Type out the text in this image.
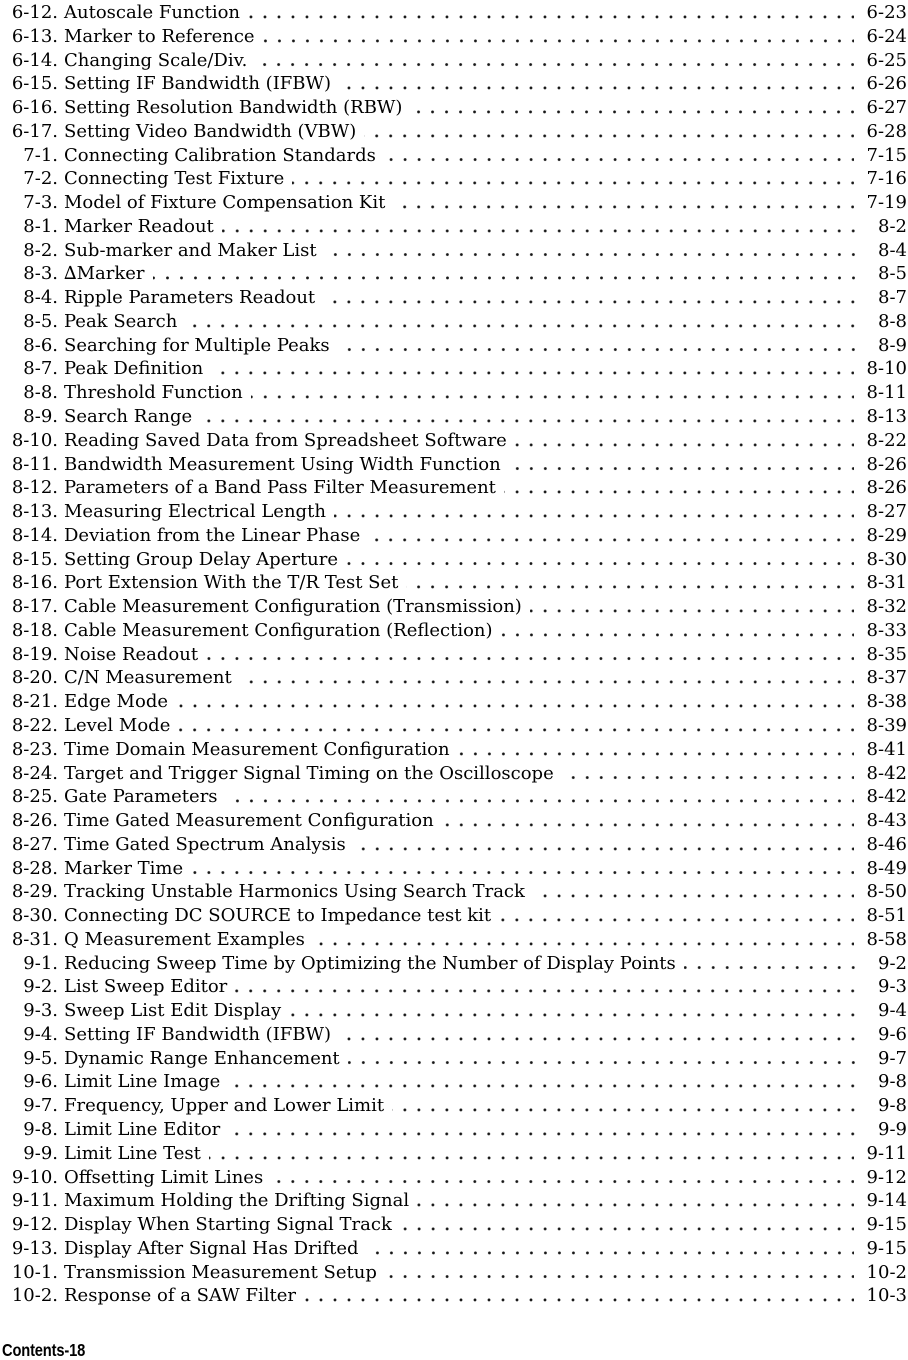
6-12. Autoscale Function	6-23
6-13. Marker to Reference	6-24
6-14. Changing Scale/Div.	6-25
6-15. Setting IF Bandwidth (IFBW)	6-26
6-16. Setting Resolution Bandwidth (RBW)	6-27
6-17. Setting Video Bandwidth (VBW)	6-28
7-1. Connecting Calibration Standards	7-15
7-2. Connecting Test Fixture	7-16
7-3. Model of Fixture Compensation Kit	7-19
8-1. Marker Readout	8-2
8-2. Sub-marker and Maker List	8-4
8-3. ∆Marker	8-5
8-4. Ripple Parameters Readout	8-7
8-5. Peak Search	8-8
8-6. Searching for Multiple Peaks	8-9
8-7. Peak Definition	8-10
8-8. Threshold Function	8-11
8-9. Search Range	8-13
8-10. Reading Saved Data from Spreadsheet Software	8-22
8-11. Bandwidth Measurement Using Width Function	8-26
8-12. Parameters of a Band Pass Filter Measurement	8-26
8-13. Measuring Electrical Length	8-27
8-14. Deviation from the Linear Phase	8-29
8-15. Setting Group Delay Aperture	8-30
8-16. Port Extension With the T/R Test Set	8-31
8-17. Cable Measurement Configuration (Transmission)	8-32
8-18. Cable Measurement Configuration (Reflection)	8-33
8-19. Noise Readout	8-35
8-20. C/N Measurement	8-37
8-21. Edge Mode	8-38
8-22. Level Mode	8-39
8-23. Time Domain Measurement Configuration	8-41
8-24. Target and Trigger Signal Timing on the Oscilloscope	8-42
8-25. Gate Parameters	8-42
8-26. Time Gated Measurement Configuration	8-43
8-27. Time Gated Spectrum Analysis	8-46
8-28. Marker Time	8-49
8-29. Tracking Unstable Harmonics Using Search Track	8-50
8-30. Connecting DC SOURCE to Impedance test kit	8-51
8-31. Q Measurement Examples	8-58
9-1. Reducing Sweep Time by Optimizing the Number of Display Points	9-2
9-2. List Sweep Editor	9-3
9-3. Sweep List Edit Display	9-4
9-4. Setting IF Bandwidth (IFBW)	9-6
9-5. Dynamic Range Enhancement	9-7
9-6. Limit Line Image	9-8
9-7. Frequency, Upper and Lower Limit	9-8
9-8. Limit Line Editor	9-9
9-9. Limit Line Test	9-11
9-10. Offsetting Limit Lines	9-12
9-11. Maximum Holding the Drifting Signal	9-14
9-12. Display When Starting Signal Track	9-15
9-13. Display After Signal Has Drifted	9-15
10-1. Transmission Measurement Setup	10-2
10-2. Response of a SAW Filter	10-3
Contents-18
